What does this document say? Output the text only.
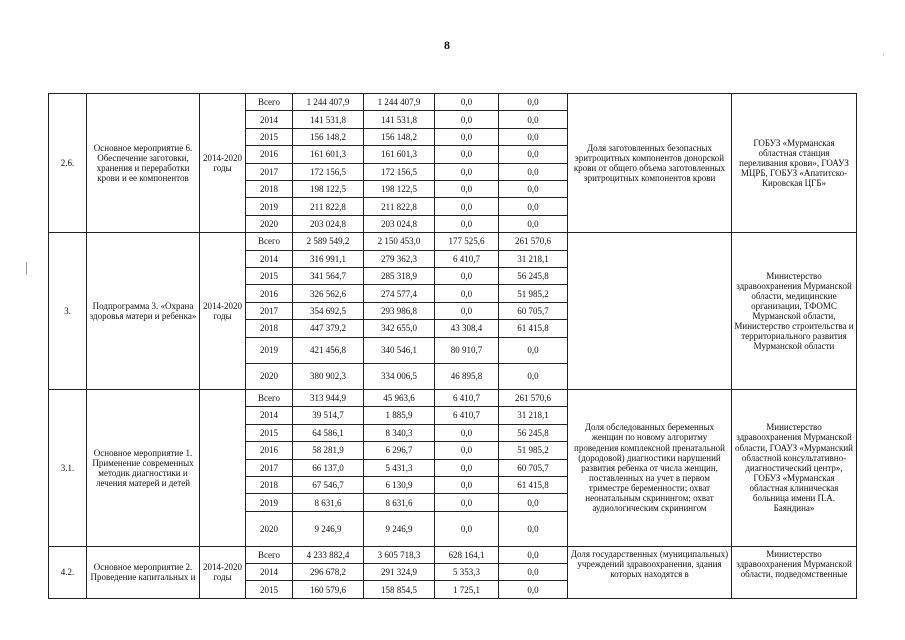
8
·
2.6.	Основное мероприятие 6. Обеспечение заготовки, хранения и переработки крови и ее компонентов	2014-2020 годы	Всего	1 244 407,9	1 244 407,9	0,0	0,0	Доля заготовленных безопасных эритроцитных компонентов донорской крови от общего объема заготовленных эритроцитных компонентов крови	ГОБУЗ «Мурманская областная станция переливания крови», ГОАУЗ МЦРБ, ГОБУЗ «Апатитско-Кировская ЦГБ»
			2014	141 531,8	141 531,8	0,0	0,0		
			2015	156 148,2	156 148,2	0,0	0,0		
			2016	161 601,3	161 601,3	0,0	0,0		
			2017	172 156,5	172 156,5	0,0	0,0		
			2018	198 122,5	198 122,5	0,0	0,0		
			2019	211 822,8	211 822,8	0,0	0,0		
			2020	203 024,8	203 024,8	0,0	0,0		
3.	Подпрограмма 3. «Охрана здоровья матери и ребенка»	2014-2020 годы	Всего	2 589 549,2	2 150 453,0	177 525,6	261 570,6		Министерство здравоохранения Мурманской области, медицинские организации, ТФОМС Мурманской области, Министерство строительства и территориального развития Мурманской области
			2014	316 991,1	279 362,3	6 410,7	31 218,1		
			2015	341 564,7	285 318,9	0,0	56 245,8		
			2016	326 562,6	274 577,4	0,0	51 985,2		
			2017	354 692,5	293 986,8	0,0	60 705,7		
			2018	447 379,2	342 655,0	43 308,4	61 415,8		
			2019	421 456,8	340 546,1	80 910,7	0,0		
			2020	380 902,3	334 006,5	46 895,8	0,0		
3.1.	Основное мероприятие 1. Применение современных методик диагностики и лечения матерей и детей		Всего	313 944,9	45 963,6	6 410,7	261 570,6	Доля обследованных беременных женщин по новому алгоритму проведения комплексной пренатальной (дородовой) диагностики нарушений развития ребенка от числа женщин, поставленных на учет в первом триместре беременности; охват неонатальным скринингом; охват аудиологическим скринингом	Министерство здравоохранения Мурманской области, ГОАУЗ «Мурманский областной консультативно-диагностический центр», ГОБУЗ «Мурманская областная клиническая больница имени П.А. Баяндина»
			2014	39 514,7	1 885,9	6 410,7	31 218,1		
			2015	64 586,1	8 340,3	0,0	56 245,8		
			2016	58 281,9	6 296,7	0,0	51 985,2		
			2017	66 137,0	5 431,3	0,0	60 705,7		
			2018	67 546,7	6 130,9	0,0	61 415,8		
			2019	8 631,6	8 631,6	0,0	0,0		
			2020	9 246,9	9 246,9	0,0	0,0		
4.2.	Основное мероприятие 2. Проведение капитальных и	2014-2020 годы	Всего	4 233 882,4	3 605 718,3	628 164,1	0,0	Доля государственных (муниципальных) учреждений здравоохранения, здания которых находятся в	Министерство здравоохранения Мурманской области, подведомственные
			2014	296 678,2	291 324,9	5 353,3	0,0		
			2015	160 579,6	158 854,5	1 725,1	0,0		
